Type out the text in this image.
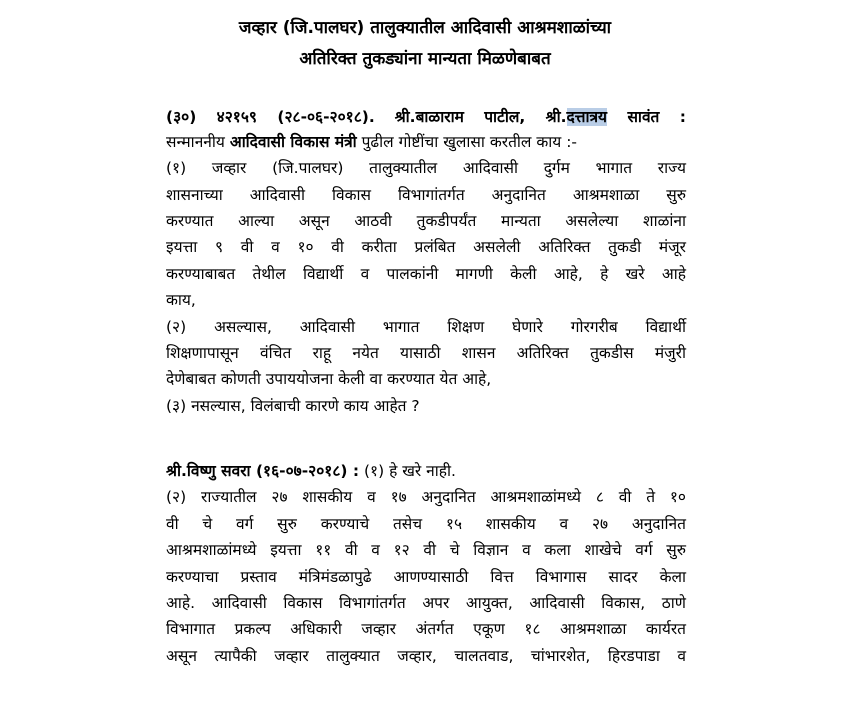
जव्हार (जि.पालघर) तालुक्यातील आदिवासी आश्रमशाळांच्या
अतिरिक्त तुकड्यांना मान्यता मिळणेबाबत
(३०) ४२१५९ (२८-०६-२०१८). श्री.बाळाराम पाटील, श्री.दत्तात्रय सावंत :
सन्माननीय आदिवासी विकास मंत्री पुढील गोष्टींचा खुलासा करतील काय :-
(१) जव्हार (जि.पालघर) तालुक्यातील आदिवासी दुर्गम भागात राज्य
शासनाच्या आदिवासी विकास विभागांतर्गत अनुदानित आश्रमशाळा सुरु
करण्यात आल्या असून आठवी तुकडीपर्यंत मान्यता असलेल्या शाळांना
इयत्ता ९ वी व १० वी करीता प्रलंबित असलेली अतिरिक्त तुकडी मंजूर
करण्याबाबत तेथील विद्यार्थी व पालकांनी मागणी केली आहे, हे खरे आहे
काय,
(२) असल्यास, आदिवासी भागात शिक्षण घेणारे गोरगरीब विद्यार्थी
शिक्षणापासून वंचित राहू नयेत यासाठी शासन अतिरिक्त तुकडीस मंजुरी
देणेबाबत कोणती उपाययोजना केली वा करण्यात येत आहे,
(३) नसल्यास, विलंबाची कारणे काय आहेत ?
श्री.विष्णु सवरा (१६-०७-२०१८) : (१) हे खरे नाही.
(२) राज्यातील २७ शासकीय व १७ अनुदानित आश्रमशाळांमध्ये ८ वी ते १०
वी चे वर्ग सुरु करण्याचे तसेच १५ शासकीय व २७ अनुदानित
आश्रमशाळांमध्ये इयत्ता ११ वी व १२ वी चे विज्ञान व कला शाखेचे वर्ग सुरु
करण्याचा प्रस्ताव मंत्रिमंडळापुढे आणण्यासाठी वित्त विभागास सादर केला
आहे. आदिवासी विकास विभागांतर्गत अपर आयुक्त, आदिवासी विकास, ठाणे
विभागात प्रकल्प अधिकारी जव्हार अंतर्गत एकूण १८ आश्रमशाळा कार्यरत
असून त्यापैकी जव्हार तालुक्यात जव्हार, चालतवाड, चांभारशेत, हिरडपाडा व
